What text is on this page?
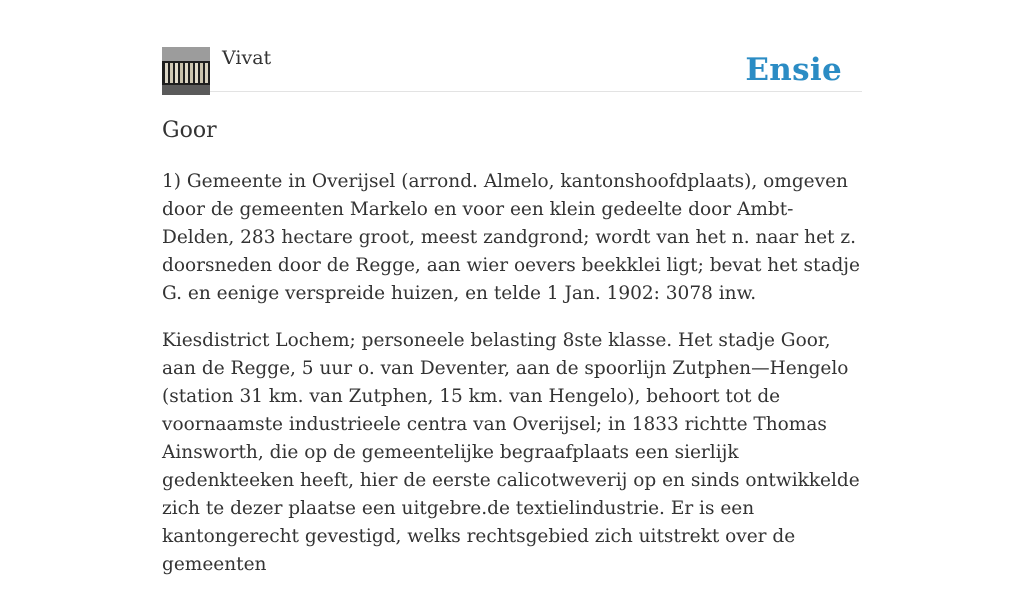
Vivat	Ensie
Goor

1) Gemeente in Overijsel (arrond. Almelo, kantonshoofdplaats), omgeven door de gemeenten Markelo en voor een klein gedeelte door Ambt-Delden, 283 hectare groot, meest zandgrond; wordt van het n. naar het z. doorsneden door de Regge, aan wier oevers beekklei ligt; bevat het stadje G. en eenige verspreide huizen, en telde 1 Jan. 1902: 3078 inw.

Kiesdistrict Lochem; personeele belasting 8ste klasse. Het stadje Goor, aan de Regge, 5 uur o. van Deventer, aan de spoorlijn Zutphen—Hengelo (station 31 km. van Zutphen, 15 km. van Hengelo), behoort tot de voornaamste industrieele centra van Overijsel; in 1833 richtte Thomas Ainsworth, die op de gemeentelijke begraafplaats een sierlijk gedenkteeken heeft, hier de eerste calicotweverij op en sinds ontwikkelde zich te dezer plaatse een uitgebre.de textielindustrie. Er is een kantongerecht gevestigd, welks rechtsgebied zich uitstrekt over de gemeenten
